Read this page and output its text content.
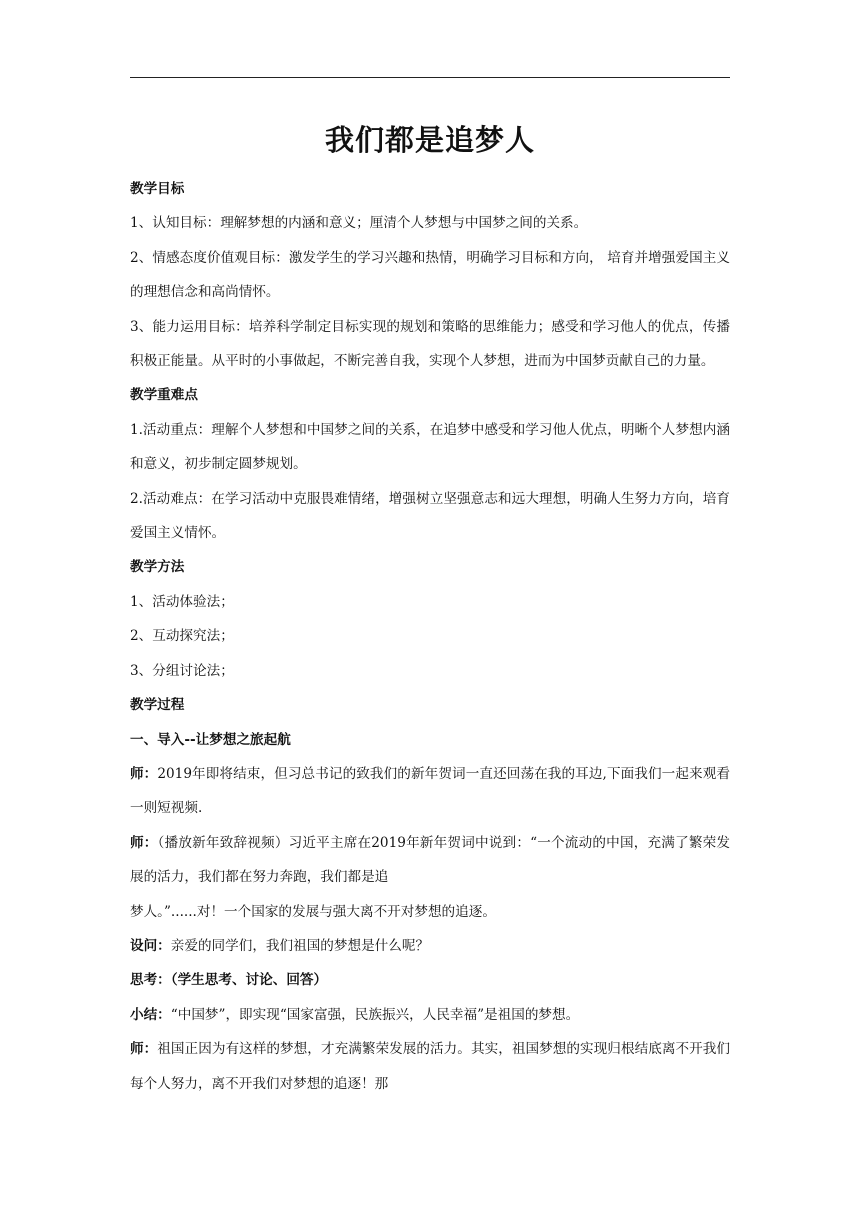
我们都是追梦人

教学目标

1、认知目标：理解梦想的内涵和意义；厘清个人梦想与中国梦之间的关系。

2、情感态度价值观目标：激发学生的学习兴趣和热情，明确学习目标和方向， 培育并增强爱国主义的理想信念和高尚情怀。

3、能力运用目标：培养科学制定目标实现的规划和策略的思维能力；感受和学习他人的优点，传播积极正能量。从平时的小事做起，不断完善自我，实现个人梦想，进而为中国梦贡献自己的力量。

教学重难点

1.活动重点：理解个人梦想和中国梦之间的关系，在追梦中感受和学习他人优点，明晰个人梦想内涵和意义，初步制定圆梦规划。

2.活动难点：在学习活动中克服畏难情绪，增强树立坚强意志和远大理想，明确人生努力方向，培育爱国主义情怀。

教学方法

1、活动体验法；

2、互动探究法；

3、分组讨论法；

教学过程

一、导入--让梦想之旅起航

师：2019年即将结束，但习总书记的致我们的新年贺词一直还回荡在我的耳边,下面我们一起来观看一则短视频.

师：（播放新年致辞视频）习近平主席在2019年新年贺词中说到：“一个流动的中国，充满了繁荣发展的活力，我们都在努力奔跑，我们都是追

梦人。”......对！一个国家的发展与强大离不开对梦想的追逐。

设问：亲爱的同学们，我们祖国的梦想是什么呢？

思考：（学生思考、讨论、回答）

小结：“中国梦”，即实现“国家富强，民族振兴，人民幸福”是祖国的梦想。

师：祖国正因为有这样的梦想，才充满繁荣发展的活力。其实，祖国梦想的实现归根结底离不开我们每个人努力，离不开我们对梦想的追逐！那
